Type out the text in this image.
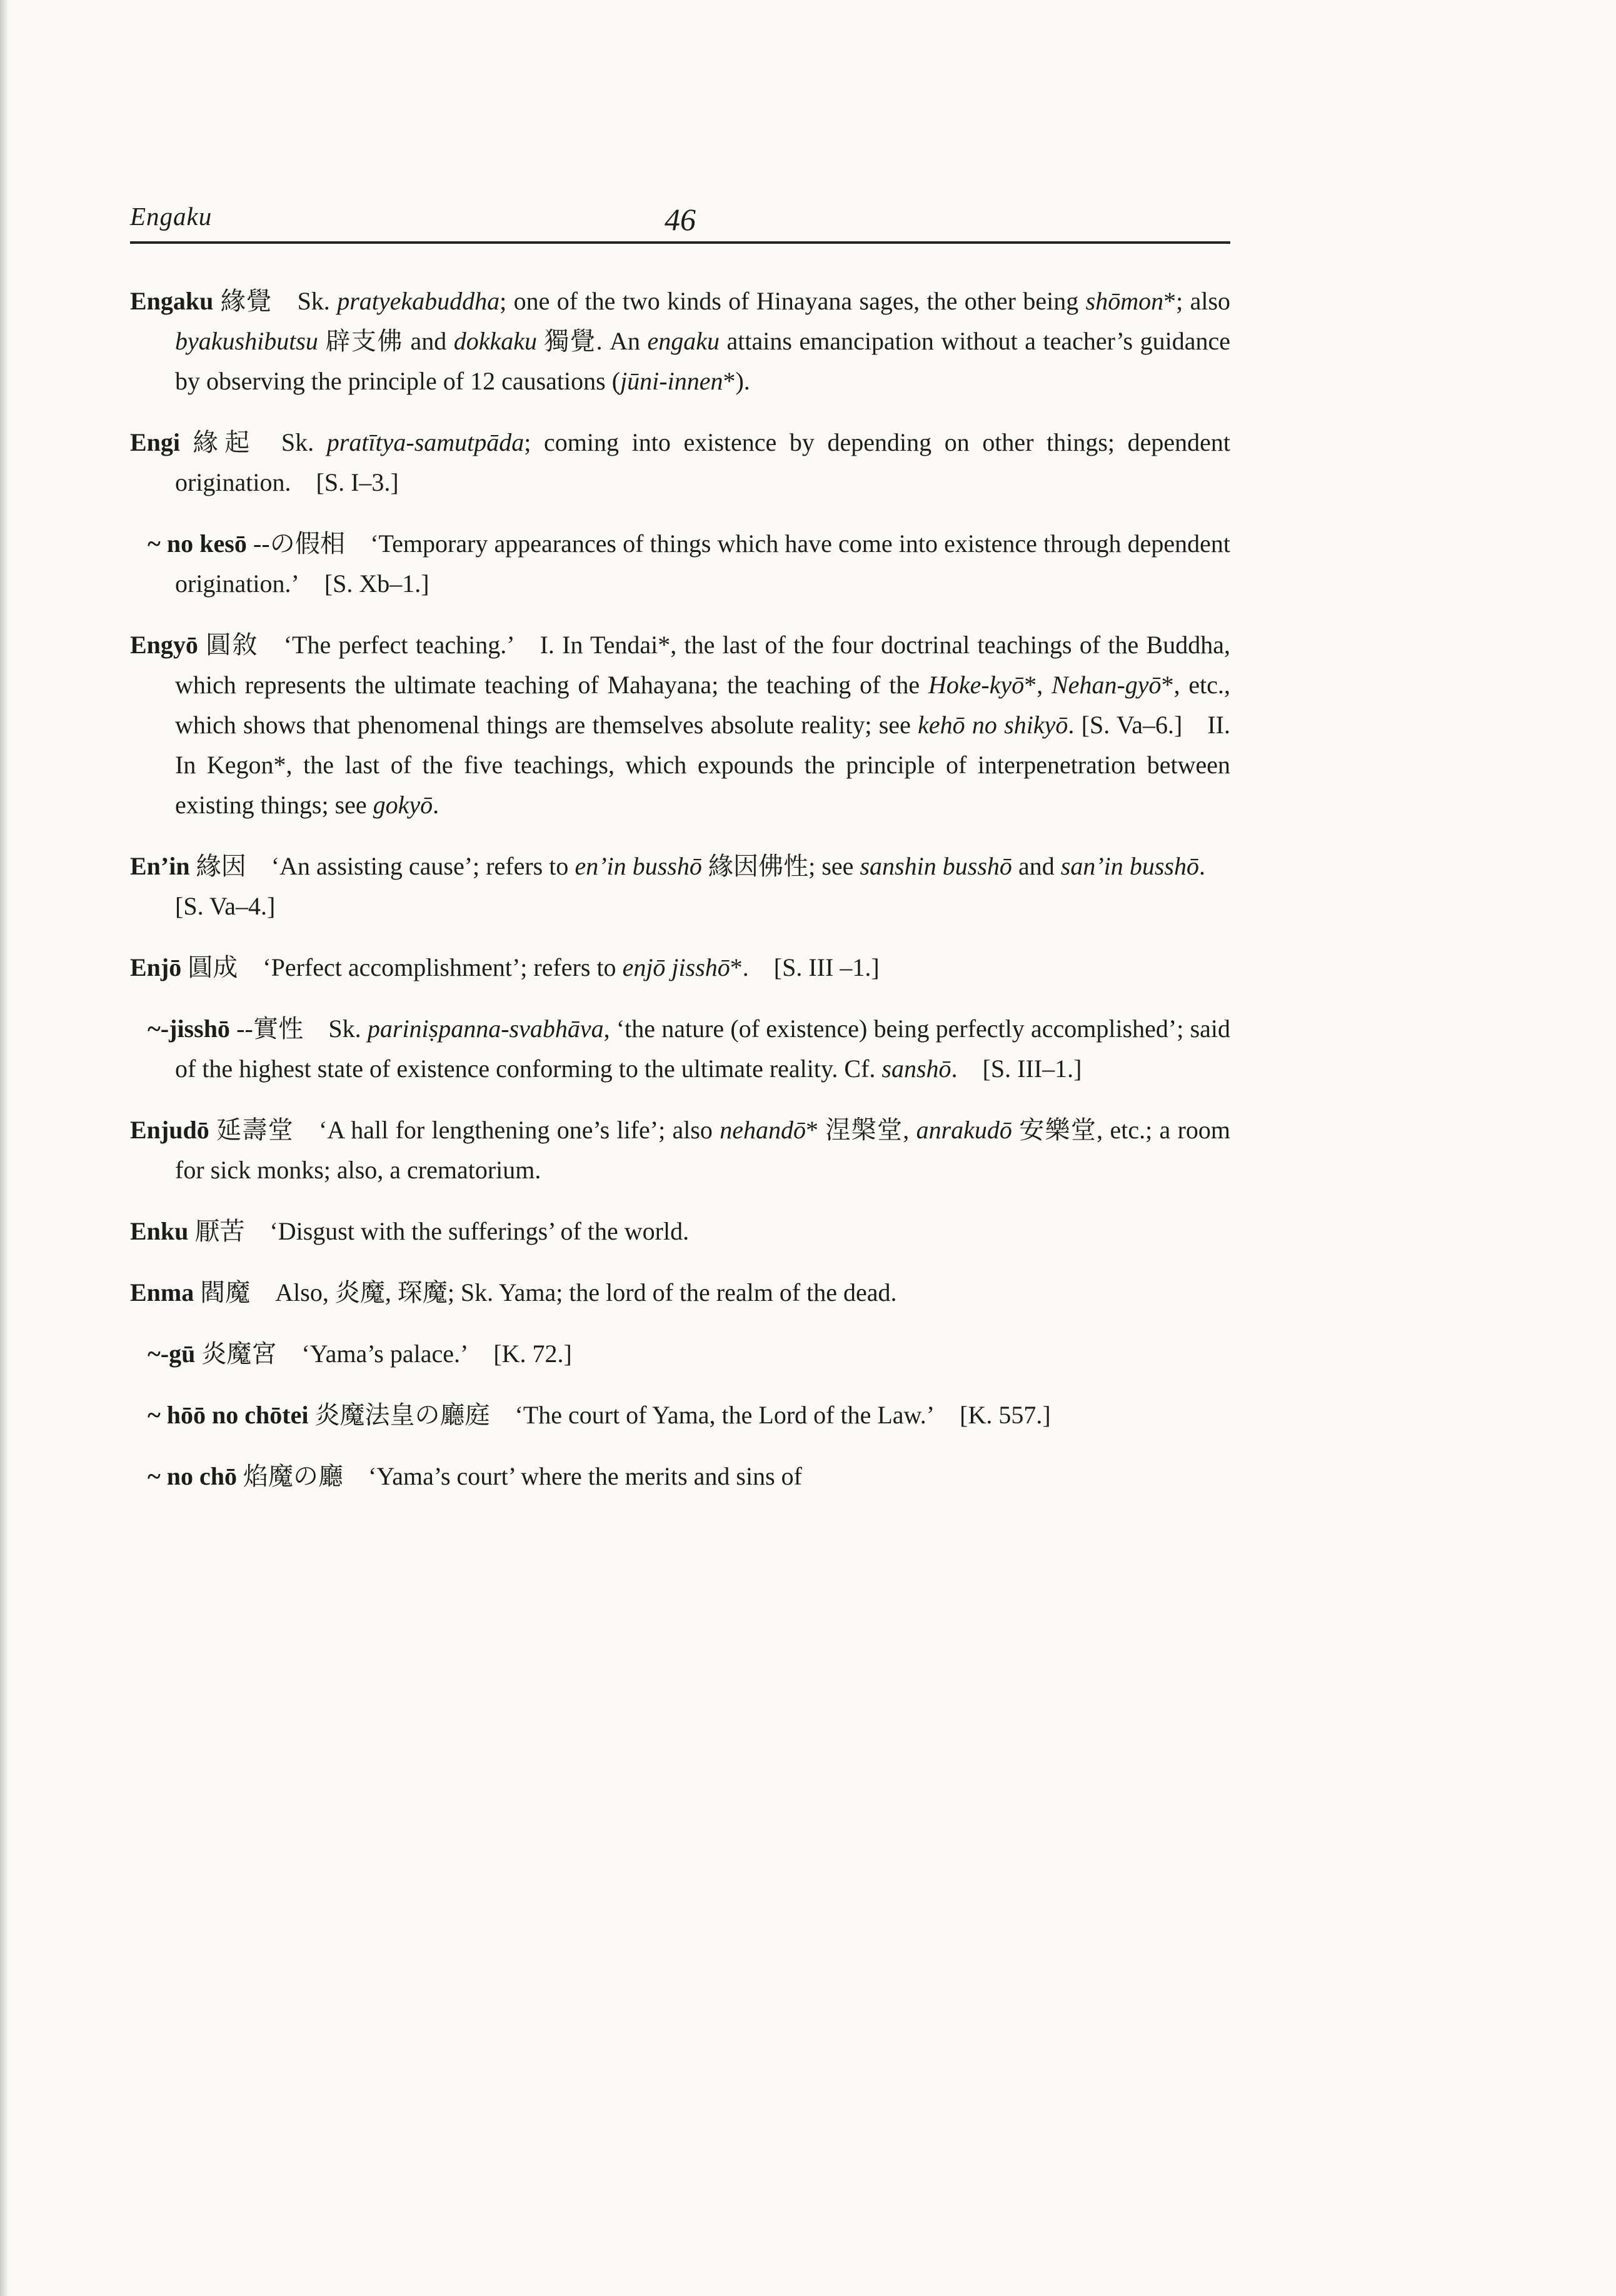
Engaku	46

Engaku 緣覺 Sk. pratyekabuddha; one of the two kinds of Hinayana sages, the other being shōmon*; also byakushibutsu 辟支佛 and dokkaku 獨覺. An engaku attains emancipation without a teacher’s guidance by observing the principle of 12 causations (jūni-innen*).

Engi 緣起 Sk. pratītya-samutpāda; coming into existence by depending on other things; dependent origination. [S. I–3.]

~ no kesō --の假相 ‘Temporary appearances of things which have come into existence through dependent origination.’ [S. Xb–1.]

Engyō 圓敘 ‘The perfect teaching.’ I. In Tendai*, the last of the four doctrinal teachings of the Buddha, which represents the ultimate teaching of Mahayana; the teaching of the Hoke-kyō*, Nehan-gyō*, etc., which shows that phenomenal things are themselves absolute reality; see kehō no shikyō. [S. Va–6.] II. In Kegon*, the last of the five teachings, which expounds the principle of interpenetration between existing things; see gokyō.

En’in 緣因 ‘An assisting cause’; refers to en’in busshō 緣因佛性; see sanshin busshō and san’in busshō. [S. Va–4.]

Enjō 圓成 ‘Perfect accomplishment’; refers to enjō jisshō*. [S. III –1.]

~-jisshō --實性 Sk. pariniṣpanna-svabhāva, ‘the nature (of existence) being perfectly accomplished’; said of the highest state of existence conforming to the ultimate reality. Cf. sanshō. [S. III–1.]

Enjudō 延壽堂 ‘A hall for lengthening one’s life’; also nehandō* 涅槃堂, anrakudō 安樂堂, etc.; a room for sick monks; also, a crematorium.

Enku 厭苦 ‘Disgust with the sufferings’ of the world.

Enma 閻魔 Also, 炎魔, 琛魔; Sk. Yama; the lord of the realm of the dead.

~-gū 炎魔宮 ‘Yama’s palace.’ [K. 72.]

~ hōō no chōtei 炎魔法皇の廳庭 ‘The court of Yama, the Lord of the Law.’ [K. 557.]

~ no chō 焰魔の廳 ‘Yama’s court’ where the merits and sins of
